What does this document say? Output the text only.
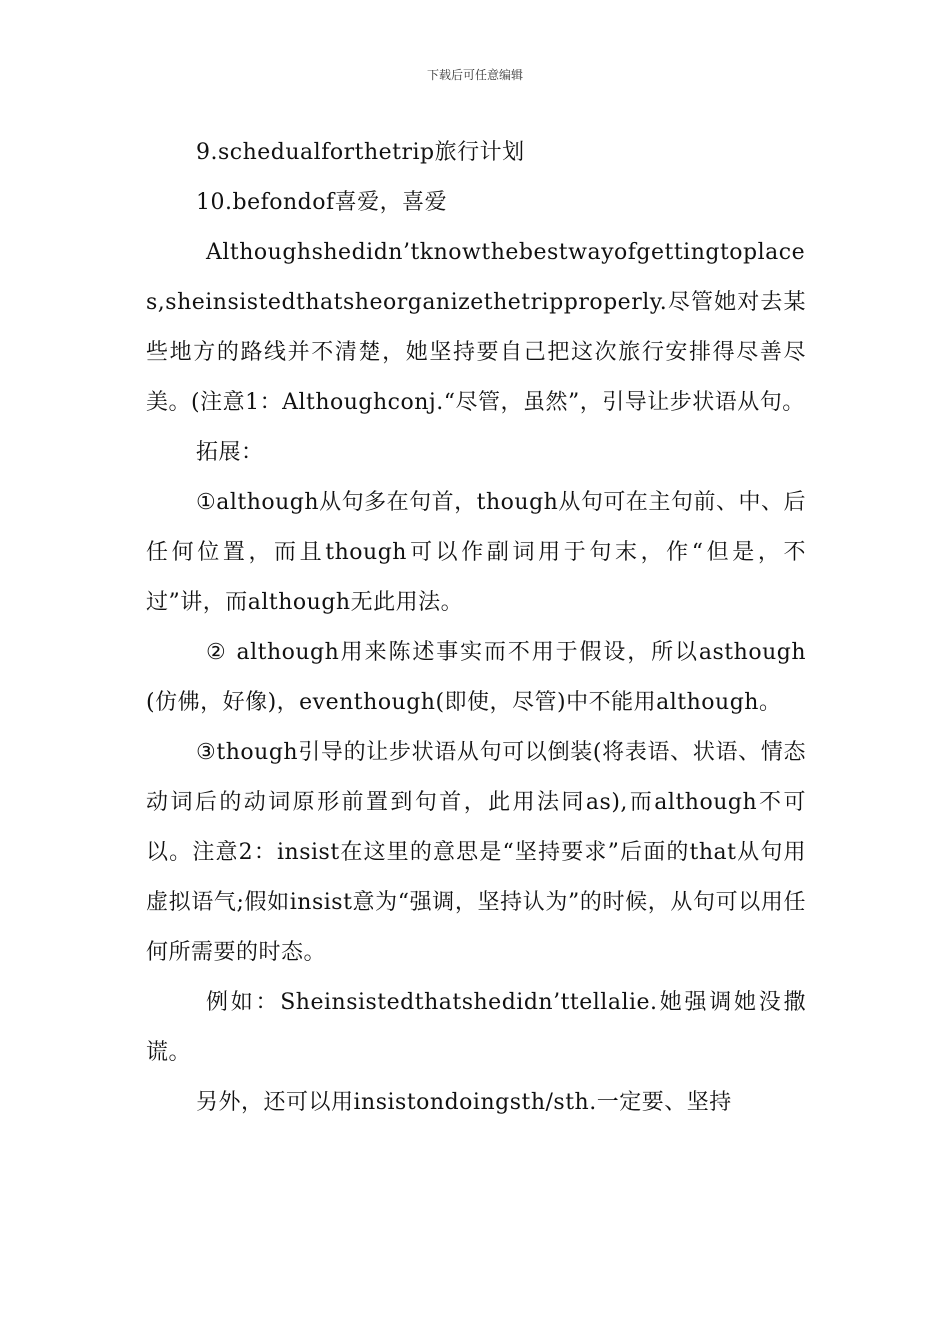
下载后可任意编辑

9.schedualforthetrip旅行计划

10.befondof喜爱，喜爱

Althoughshedidn’tknowthebestwayofgettingtoplaces,sheinsistedthatsheorganizethetripproperly.尽管她对去某些地方的路线并不清楚，她坚持要自己把这次旅行安排得尽善尽美。(注意1：Althoughconj.“尽管，虽然”，引导让步状语从句。

拓展：

①although从句多在句首，though从句可在主句前、中、后任何位置，而且though可以作副词用于句末，作“但是，不过”讲，而although无此用法。

② although用来陈述事实而不用于假设，所以asthough(仿佛，好像)，eventhough(即使，尽管)中不能用although。

③though引导的让步状语从句可以倒装(将表语、状语、情态动词后的动词原形前置到句首，此用法同as),而although不可以。注意2：insist在这里的意思是“坚持要求”后面的that从句用虚拟语气;假如insist意为“强调，坚持认为”的时候，从句可以用任何所需要的时态。

例如：Sheinsistedthatshedidn’ttellalie.她强调她没撒谎。

另外，还可以用insistondoingsth/sth.一定要、坚持
